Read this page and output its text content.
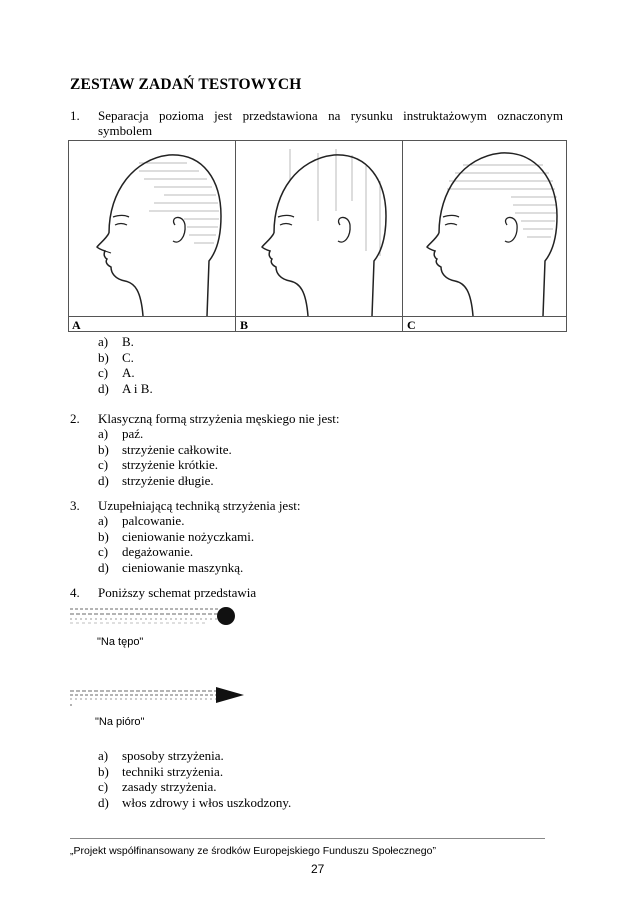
ZESTAW ZADAŃ TESTOWYCH
1. Separacja pozioma jest przedstawiona na rysunku instruktażowym oznaczonym
symbolem
A	B	C
a)	B.
b)	C.
c)	A.
d)	A i B.
2. Klasyczną formą strzyżenia męskiego nie jest:
a)	paź.
b)	strzyżenie całkowite.
c)	strzyżenie krótkie.
d)	strzyżenie długie.
3. Uzupełniającą techniką strzyżenia jest:
a)	palcowanie.
b)	cieniowanie nożyczkami.
c)	degażowanie.
d)	cieniowanie maszynką.
4. Poniższy schemat przedstawia
"Na tępo"
"Na pióro"
a)	sposoby strzyżenia.
b)	techniki strzyżenia.
c)	zasady strzyżenia.
d)	włos zdrowy i włos uszkodzony.
„Projekt współfinansowany ze środków Europejskiego Funduszu Społecznego”
27
